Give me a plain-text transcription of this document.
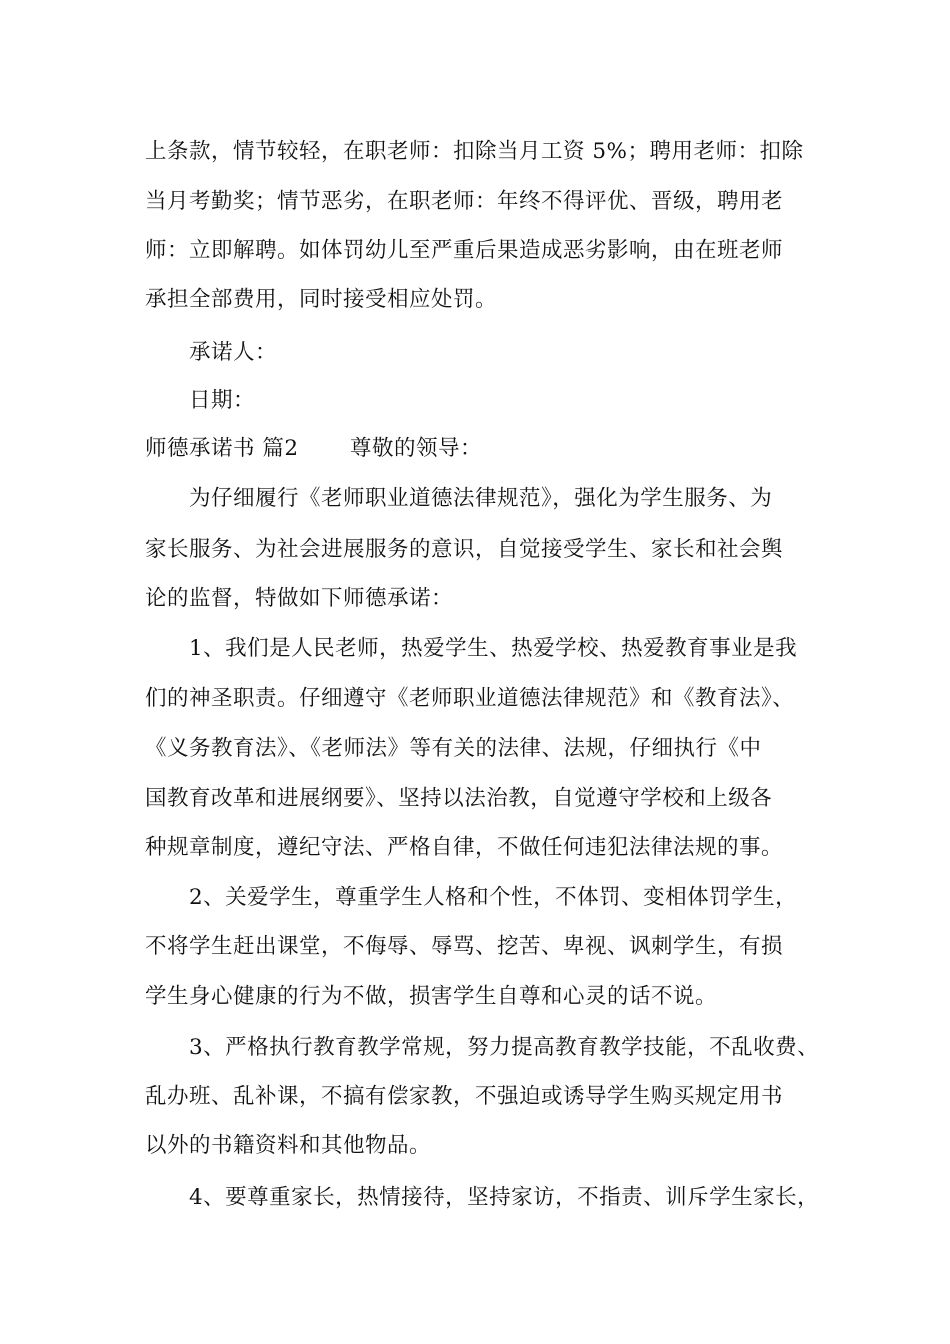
上条款，情节较轻，在职老师：扣除当月工资 5%；聘用老师：扣除
当月考勤奖；情节恶劣，在职老师：年终不得评优、晋级，聘用老
师：立即解聘。如体罚幼儿至严重后果造成恶劣影响，由在班老师
承担全部费用，同时接受相应处罚。
承诺人：
日期：
师德承诺书 篇2 尊敬的领导：
为仔细履行《老师职业道德法律规范》，强化为学生服务、为
家长服务、为社会进展服务的意识，自觉接受学生、家长和社会舆
论的监督，特做如下师德承诺：
1、我们是人民老师，热爱学生、热爱学校、热爱教育事业是我
们的神圣职责。仔细遵守《老师职业道德法律规范》和《教育法》、
《义务教育法》、《老师法》等有关的法律、法规，仔细执行《中
国教育改革和进展纲要》、坚持以法治教，自觉遵守学校和上级各
种规章制度，遵纪守法、严格自律，不做任何违犯法律法规的事。
2、关爱学生，尊重学生人格和个性，不体罚、变相体罚学生，
不将学生赶出课堂，不侮辱、辱骂、挖苦、卑视、讽刺学生，有损
学生身心健康的行为不做，损害学生自尊和心灵的话不说。
3、严格执行教育教学常规，努力提高教育教学技能，不乱收费、
乱办班、乱补课，不搞有偿家教，不强迫或诱导学生购买规定用书
以外的书籍资料和其他物品。
4、要尊重家长，热情接待，坚持家访，不指责、训斥学生家长，
